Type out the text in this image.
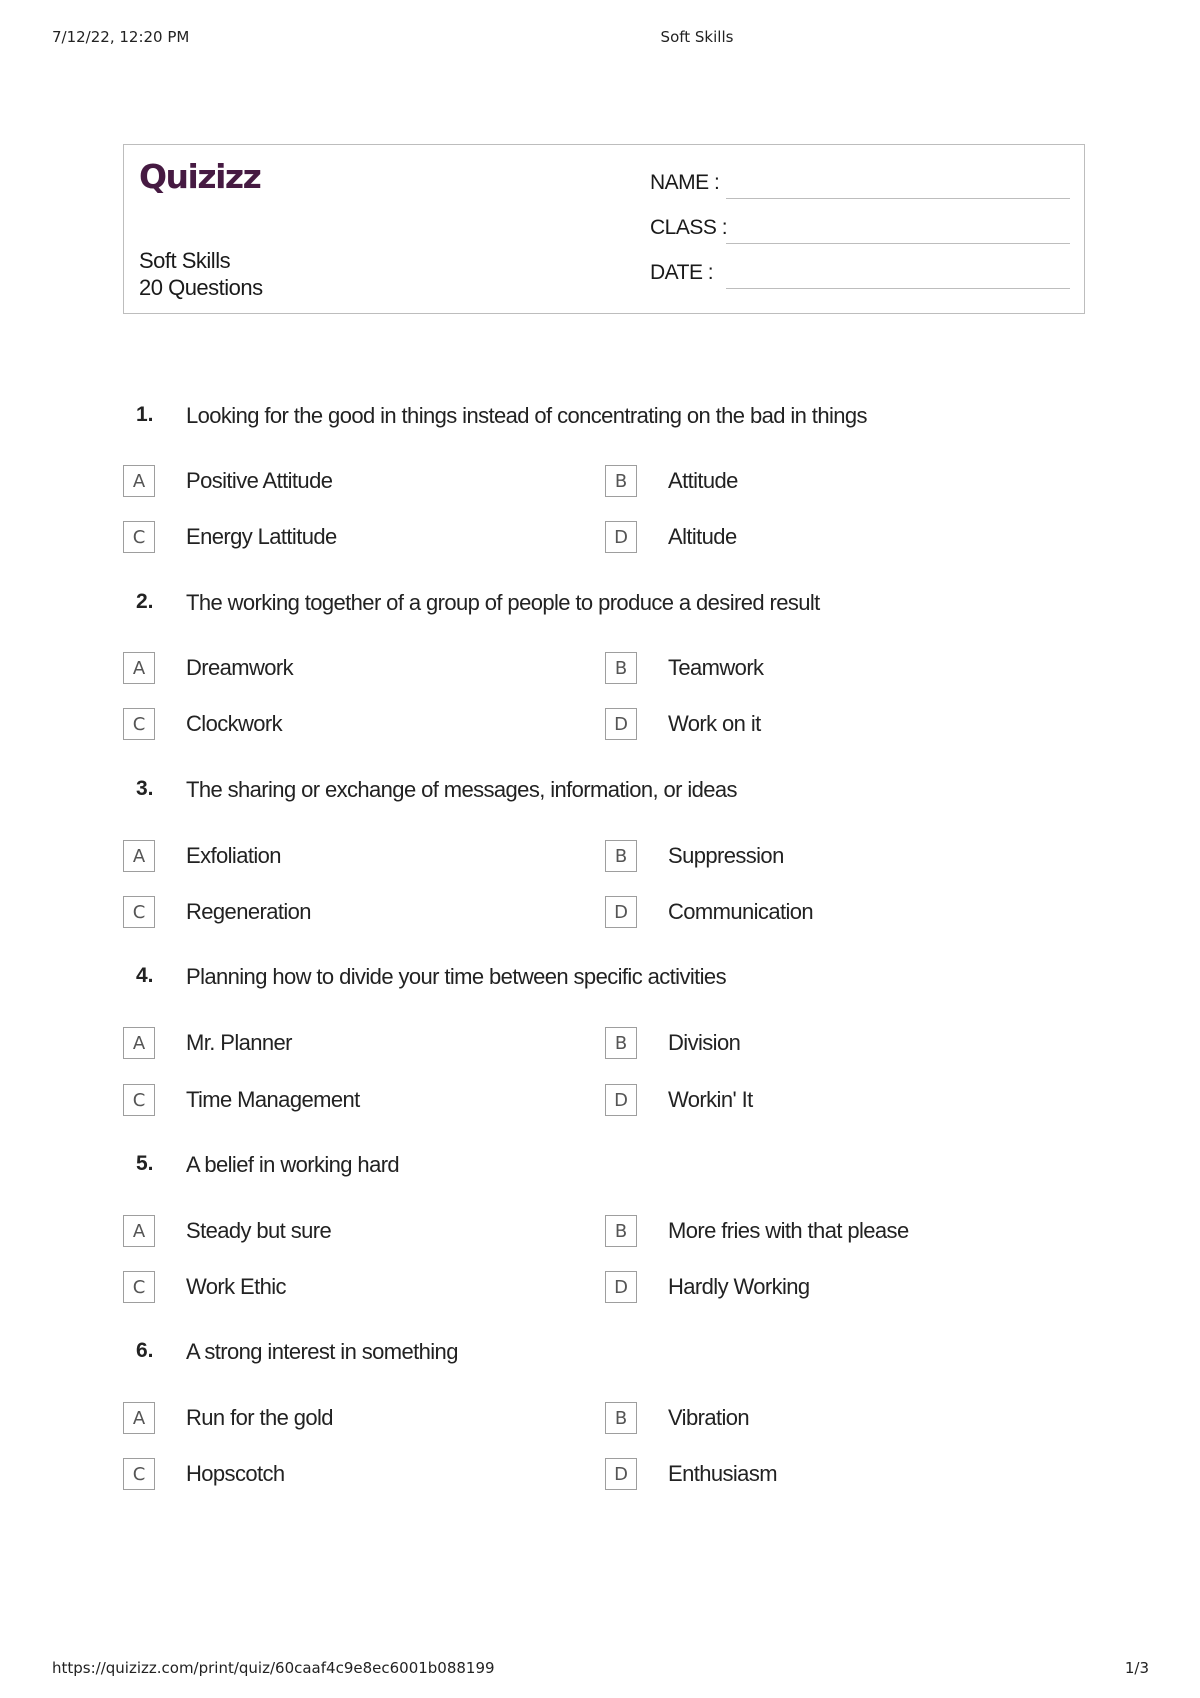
7/12/22, 12:20 PM	Soft Skills
Quizizz
Soft Skills
20 Questions
NAME :
CLASS :
DATE :
1. Looking for the good in things instead of concentrating on the bad in things
A	Positive Attitude	B	Attitude
C	Energy Lattitude	D	Altitude
2. The working together of a group of people to produce a desired result
A	Dreamwork	B	Teamwork
C	Clockwork	D	Work on it
3. The sharing or exchange of messages, information, or ideas
A	Exfoliation	B	Suppression
C	Regeneration	D	Communication
4. Planning how to divide your time between specific activities
A	Mr. Planner	B	Division
C	Time Management	D	Workin' It
5. A belief in working hard
A	Steady but sure	B	More fries with that please
C	Work Ethic	D	Hardly Working
6. A strong interest in something
A	Run for the gold	B	Vibration
C	Hopscotch	D	Enthusiasm
https://quizizz.com/print/quiz/60caaf4c9e8ec6001b088199	1/3
